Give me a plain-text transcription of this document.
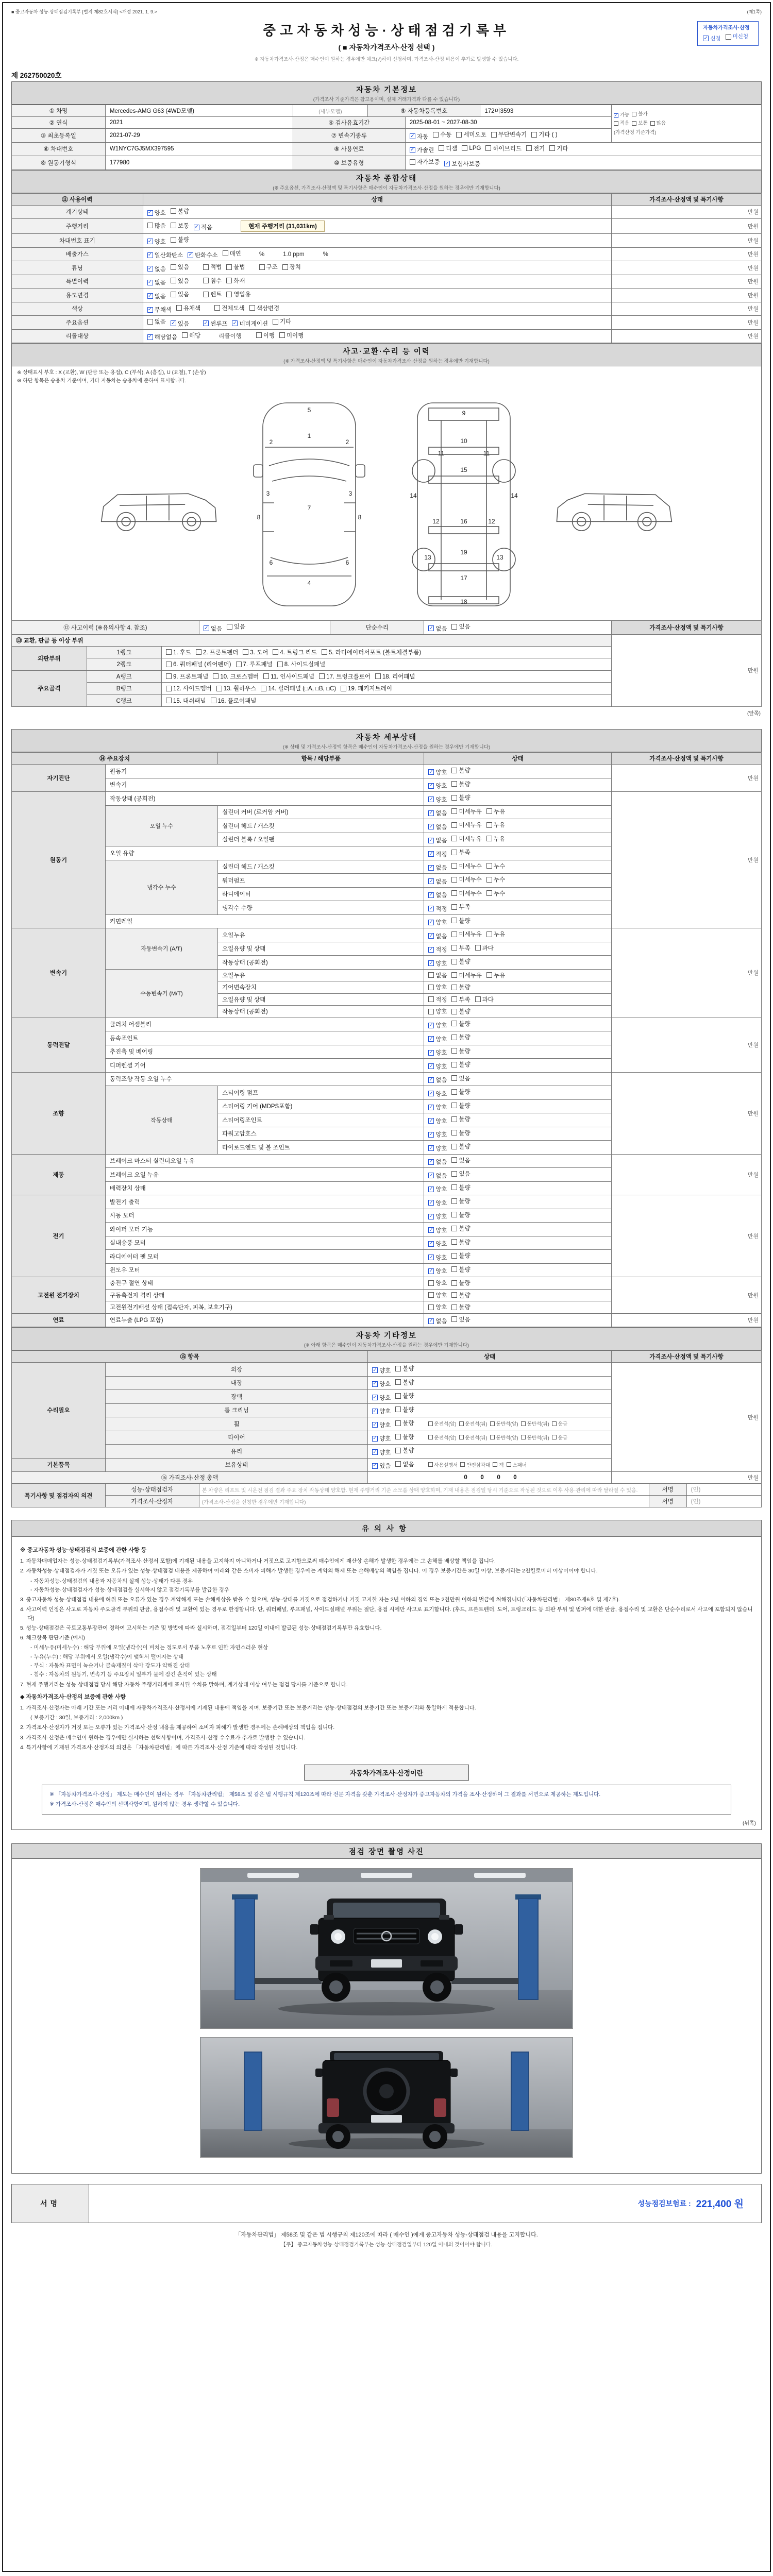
■ 중고자동차 성능·상태점검기록부 [별지 제82호서식] <개정 2021. 1. 9.>	(제1쪽)
자동차가격조사·산정
✓ 신청 미신청
중고자동차성능·상태점검기록부
( ■ 자동차가격조사·산정 선택 )
※ 자동차가격조사·산정은 매수인이 원하는 경우에만 체크(√)하여 신청하며, 가격조사·산정 비용이 추가로 발생할 수 있습니다.
제 262750020호
자동차 기본정보
(가격조사 기준가격은 참고용이며, 실제 거래가격과 다를 수 있습니다)
① 차명	Mercedes-AMG G63 (4WD모델)	(세부모델)	⑤ 자동차등록번호	172머3593	
✓ 가능 불가
적음 보통 많음
(가격산정 기준가격)

② 연식	2021	④ 검사유효기간		2025-08-01 ~ 2027-08-30		
③ 최초등록일	2021-07-29	⑦ 변속기종류	✓ 자동 수동 세미오토 무단변속기 기타 ( )
⑥ 차대번호	W1NYC7GJ5MX397595	⑧ 사용연료	✓ 가솔린 디젤 LPG 하이브리드 전기 기타
⑨ 원동기형식	177980	⑩ 보증유형		자가보증 ✓ 보험사보증		
자동차 종합상태
(※ 주요옵션, 가격조사·산정액 및 특기사항은 매수인이 자동차가격조사·산정을 원하는 경우에만 기재합니다)
⑪ 사용이력	상태	가격조사·산정액 및 특기사항
계기상태	✓ 양호 불량	만원
주행거리	많음 보통 ✓ 적음 현재 주행거리 (31,031km)	만원
차대번호 표기	✓ 양호 불량	만원
배출가스	✓ 일산화탄소 ✓ 탄화수소 매연 % 1.0 ppm %	만원
튜닝	✓ 없음 있음	적법 불법	구조 장치	만원
특별이력	✓ 없음 있음 침수 화재	만원
용도변경	✓ 없음 있음 렌트 영업용	만원
색상	✓ 무채색 유채색 전체도색 색상변경	만원
주요옵션	없음 ✓ 있음	✓ 썬루프 ✓ 네비게이션 기타	만원
리콜대상	✓ 해당없음 해당 리콜이행 이행 미이행	만원
사고·교환·수리 등 이력
(※ 가격조사·산정액 및 특기사항은 매수인이 자동차가격조사·산정을 원하는 경우에만 기재합니다)
※ 상태표시 부호 : X (교환), W (판금 또는 용접), C (부식), A (흠집), U (요철), T (손상)
※ 하단 항목은 승용차 기준이며, 기타 자동차는 승용차에 준하여 표시합니다.
5
1
2	2
3	3
7
8	8
6	6
4
9
10
11	11
15
14	14
12	16	12
19
13	13
17
18
⑫ 사고이력 (※유의사항 4. 참조)			✓ 없음 있음	단순수리	✓ 없음 있음	가격조사·산정액 및 특기사항
⑬ 교환, 판금 등 이상 부위						만원
외판부위	1랭크	1. 후드 2. 프론트펜더 3. 도어 4. 트렁크 리드 5. 라디에이터서포트 (볼트체결부품)				
	2랭크	6. 쿼터패널 (리어펜더) 7. 루프패널 8. 사이드실패널				
주요골격	A랭크	9. 프론트패널 10. 크로스멤버 11. 인사이드패널 17. 트렁크플로어 18. 리어패널				
	B랭크	12. 사이드멤버 13. 휠하우스 14. 필러패널 (□A, □B, □C) 19. 패키지트레이				
	C랭크	15. 대쉬패널 16. 플로어패널				
(앞쪽)
자동차 세부상태
(※ 상태 및 가격조사·산정액 항목은 매수인이 자동차가격조사·산정을 원하는 경우에만 기재합니다)
⑭ 주요장치		항목 / 해당부품	상태	가격조사·산정액 및 특기사항
자기진단	원동기		✓ 양호 불량	만원
	변속기		✓ 양호 불량	
원동기	작동상태 (공회전)		✓ 양호 불량	만원
	오일 누수	실린더 커버 (로커암 커버)	✓ 없음 미세누유 누유	
		실린더 헤드 / 개스킷	✓ 없음 미세누유 누유	
		실린더 블록 / 오일팬	✓ 없음 미세누유 누유	
	오일 유량		✓ 적정 부족	
	냉각수 누수	실린더 헤드 / 개스킷	✓ 없음 미세누수 누수	
		워터펌프	✓ 없음 미세누수 누수	
		라디에이터	✓ 없음 미세누수 누수	
		냉각수 수량	✓ 적정 부족	
	커먼레일		✓ 양호 불량	
변속기	자동변속기 (A/T)	오일누유	✓ 없음 미세누유 누유	만원
		오일유량 및 상태	✓ 적정 부족 과다	
		작동상태 (공회전)	✓ 양호 불량	
	수동변속기 (M/T)	오일누유	없음 미세누유 누유	
		기어변속장치	양호 불량	
		오일유량 및 상태	적정 부족 과다	
		작동상태 (공회전)	양호 불량	
동력전달	클러치 어셈블리		✓ 양호 불량	만원
	등속조인트		✓ 양호 불량	
	추진축 및 베어링		✓ 양호 불량	
	디퍼렌셜 기어		✓ 양호 불량	
조향	동력조향 작동 오일 누수		✓ 없음 있음	만원
	작동상태	스티어링 펌프	✓ 양호 불량	
		스티어링 기어 (MDPS포함)	✓ 양호 불량	
		스티어링조인트	✓ 양호 불량	
		파워고압호스	✓ 양호 불량	
		타이로드엔드 및 볼 조인트	✓ 양호 불량	
제동	브레이크 마스터 실린더오일 누유		✓ 없음 있음	만원
	브레이크 오일 누유		✓ 없음 있음	
	배력장치 상태		✓ 양호 불량	
전기	발전기 출력		✓ 양호 불량	만원
	시동 모터		✓ 양호 불량	
	와이퍼 모터 기능		✓ 양호 불량	
	실내송풍 모터		✓ 양호 불량	
	라디에이터 팬 모터		✓ 양호 불량	
	윈도우 모터		✓ 양호 불량	
고전원 전기장치	충전구 절연 상태		양호 불량	만원
	구동축전지 격리 상태		양호 불량	
	고전원전기배선 상태 (접속단자, 피복, 보호기구)		양호 불량	
연료	연료누출 (LPG 포함)		✓ 없음 있음	만원
자동차 기타정보
(※ 아래 항목은 매수인이 자동차가격조사·산정을 원하는 경우에만 기재합니다)
⑮ 항목		상태	가격조사·산정액 및 특기사항
수리필요	외장	✓ 양호 불량	만원
	내장	✓ 양호 불량	
	광택	✓ 양호 불량	
	룸 크리닝	✓ 양호 불량	
휠	✓ 양호 불량	운전석(앞) 운전석(뒤) 동반석(앞) 동반석(뒤) 응급
타이어	✓ 양호 불량	운전석(앞) 운전석(뒤) 동반석(앞) 동반석(뒤) 응급
	유리	✓ 양호 불량	
기본품목	보유상태	✓ 있음 없음	사용설명서 안전삼각대 잭 스패너
⑯ 가격조사·산정 총액		0        0        0        0	만원
특기사항 및 점검자의 의견	성능·상태점검자	본 차량은 리프트 및 시운전 점검 결과 주요 장치 작동상태 양호함. 현재 주행거리 기준 소모품 상태 양호하며, 기재 내용은 점검일 당시 기준으로 작성된 것으로 이후 사용·관리에 따라 달라질 수 있음.	서명	(인)
	가격조사·산정자	(가격조사·산정을 신청한 경우에만 기재합니다)	서명	(인)
유의사항
※ 중고자동차 성능·상태점검의 보증에 관한 사항 등
1. 자동차매매업자는 성능·상태점검기록부(가격조사·산정서 포함)에 기재된 내용을 고지하지 아니하거나 거짓으로 고지함으로써 매수인에게 재산상 손해가 발생한 경우에는 그 손해를 배상할 책임을 집니다.
2. 자동차성능·상태점검자가 거짓 또는 오류가 있는 성능·상태점검 내용을 제공하여 아래와 같은 소비자 피해가 발생한 경우에는 계약의 해제 또는 손해배상의 책임을 집니다. 이 경우 보증기간은 30일 이상, 보증거리는 2천킬로미터 이상이어야 합니다.
- 자동차성능·상태점검의 내용과 자동차의 실제 성능·상태가 다른 경우
- 자동차성능·상태점검자가 성능·상태점검을 실시하지 않고 점검기록부를 발급한 경우
3. 중고자동차 성능·상태점검 내용에 허위 또는 오류가 있는 경우 계약해제 또는 손해배상을 받을 수 있으며, 성능·상태를 거짓으로 점검하거나 거짓 고지한 자는 2년 이하의 징역 또는 2천만원 이하의 벌금에 처해집니다(「자동차관리법」 제80조제6호 및 제7호).
4. 사고이력 인정은 사고로 자동차 주요골격 부위의 판금, 용접수리 및 교환이 있는 경우로 한정합니다. 단, 쿼터패널, 루프패널, 사이드실패널 부위는 절단, 용접 시에만 사고로 표기합니다. (후드, 프론트펜더, 도어, 트렁크리드 등 외판 부위 및 범퍼에 대한 판금, 용접수리 및 교환은 단순수리로서 사고에 포함되지 않습니다)
5. 성능·상태점검은 국토교통부장관이 정하여 고시하는 기준 및 방법에 따라 실시하며, 점검일부터 120일 이내에 발급된 성능·상태점검기록부만 유효합니다.
6. 체크항목 판단기준 (예시)
- 미세누유(미세누수) : 해당 부위에 오일(냉각수)이 비치는 정도로서 부품 노후로 인한 자연스러운 현상
- 누유(누수) : 해당 부위에서 오일(냉각수)이 맺혀서 떨어지는 상태
- 부식 : 자동차 표면이 녹슬거나 금속재질이 삭아 강도가 약해진 상태
- 침수 : 자동차의 원동기, 변속기 등 주요장치 일부가 물에 잠긴 흔적이 있는 상태
7. 현재 주행거리는 성능·상태점검 당시 해당 자동차 주행거리계에 표시된 수치를 말하며, 계기상태 이상 여부는 점검 당시를 기준으로 합니다.
◆ 자동차가격조사·산정의 보증에 관한 사항
1. 가격조사·산정자는 아래 기간 또는 거리 이내에 자동차가격조사·산정서에 기재된 내용에 책임을 지며, 보증기간 또는 보증거리는 성능·상태점검의 보증기간 또는 보증거리와 동일하게 적용합니다.
( 보증기간 : 30일, 보증거리 : 2,000km )
2. 가격조사·산정자가 거짓 또는 오류가 있는 가격조사·산정 내용을 제공하여 소비자 피해가 발생한 경우에는 손해배상의 책임을 집니다.
3. 가격조사·산정은 매수인이 원하는 경우에만 실시하는 선택사항이며, 가격조사·산정 수수료가 추가로 발생할 수 있습니다.
4. 특기사항에 기재된 가격조사·산정자의 의견은 「자동차관리법」에 따른 가격조사·산정 기준에 따라 작성된 것입니다.
자동차가격조사·산정이란

※ 「자동차가격조사·산정」 제도는 매수인이 원하는 경우 「자동차관리법」 제58조 및 같은 법 시행규칙 제120조에 따라 전문 자격을 갖춘 가격조사·산정자가 중고자동차의 가격을 조사·산정하여 그 결과를 서면으로 제공하는 제도입니다.

※ 가격조사·산정은 매수인의 선택사항이며, 원하지 않는 경우 생략할 수 있습니다.

(뒤쪽)
점검 장면 촬영 사진
서명	성능점검보험료 : 221,400 원
「자동차관리법」 제58조 및 같은 법 시행규칙 제120조에 따라 ( 매수인 )에게 중고자동차 성능·상태점검 내용을 고지합니다.
【주】 중고자동차성능·상태점검기록부는 성능·상태점검일부터 120일 이내의 것이어야 합니다.
